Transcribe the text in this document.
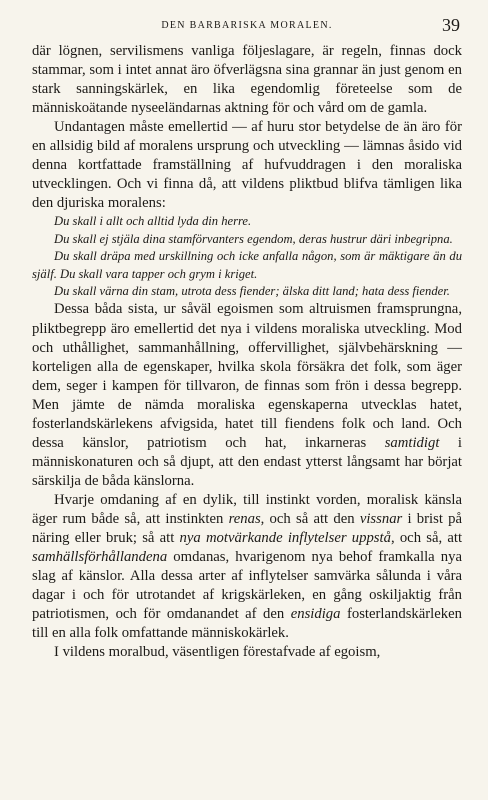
DEN BARBARISKA MORALEN.	39

där lögnen, servilismens vanliga följeslagare, är regeln, finnas dock stammar, som i intet annat äro öfverlägsna sina grannar än just genom en stark sanningskärlek, en lika egendomlig företeelse som de människoätande nyseeländarnas aktning för och vård om de gamla.

Undantagen måste emellertid — af huru stor betydelse de än äro för en allsidig bild af moralens ursprung och utveckling — lämnas åsido vid denna kortfattade framställning af hufvuddragen i den moraliska utvecklingen. Och vi finna då, att vildens pliktbud blifva tämligen lika den djuriska moralens:

Du skall i allt och alltid lyda din herre.

Du skall ej stjäla dina stamförvanters egendom, deras hustrur däri inbegripna.

Du skall dräpa med urskillning och icke anfalla någon, som är mäktigare än du själf. Du skall vara tapper och grym i kriget.

Du skall värna din stam, utrota dess fiender; älska ditt land; hata dess fiender.

Dessa båda sista, ur såväl egoismen som altruismen framsprungna, pliktbegrepp äro emellertid det nya i vildens moraliska utveckling. Mod och uthållighet, sammanhållning, offervillighet, självbehärskning — korteligen alla de egenskaper, hvilka skola försäkra det folk, som äger dem, seger i kampen för tillvaron, de finnas som frön i dessa begrepp. Men jämte de nämda moraliska egenskaperna utvecklas hatet, fosterlandskärlekens afvigsida, hatet till fiendens folk och land. Och dessa känslor, patriotism och hat, inkarneras samtidigt i människonaturen och så djupt, att den endast ytterst långsamt har börjat särskilja de båda känslorna.

Hvarje omdaning af en dylik, till instinkt vorden, moralisk känsla äger rum både så, att instinkten renas, och så att den vissnar i brist på näring eller bruk; så att nya motvärkande inflytelser uppstå, och så, att samhällsförhållandena omdanas, hvarigenom nya behof framkalla nya slag af känslor. Alla dessa arter af inflytelser samvärka sålunda i våra dagar i och för utrotandet af krigskärleken, en gång oskiljaktig från patriotismen, och för omdanandet af den ensidiga fosterlandskärleken till en alla folk omfattande människokärlek.

I vildens moralbud, väsentligen förestafvade af egoism,
